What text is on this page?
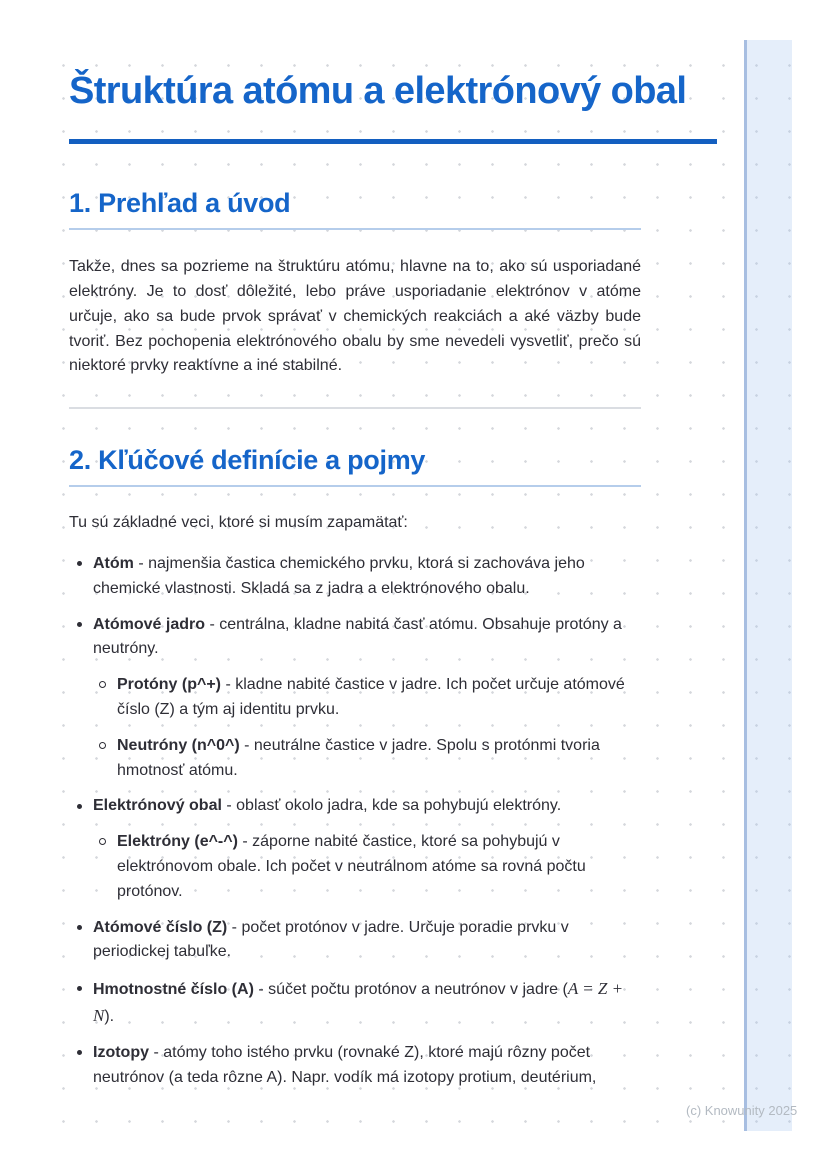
Štruktúra atómu a elektrónový obal
1. Prehľad a úvod

Takže, dnes sa pozrieme na štruktúru atómu, hlavne na to, ako sú usporiadané elektróny. Je to dosť dôležité, lebo práve usporiadanie elektrónov v atóme určuje, ako sa bude prvok správať v chemických reakciách a aké väzby bude tvoriť. Bez pochopenia elektrónového obalu by sme nevedeli vysvetliť, prečo sú niektoré prvky reaktívne a iné stabilné.

2. Kľúčové definície a pojmy

Tu sú základné veci, ktoré si musím zapamätať:

Atóm - najmenšia častica chemického prvku, ktorá si zachováva jeho chemické vlastnosti. Skladá sa z jadra a elektrónového obalu.
Atómové jadro - centrálna, kladne nabitá časť atómu. Obsahuje protóny a neutróny.
Protóny (p^+) - kladne nabité častice v jadre. Ich počet určuje atómové číslo (Z) a tým aj identitu prvku.
Neutróny (n^0^) - neutrálne častice v jadre. Spolu s protónmi tvoria hmotnosť atómu.
Elektrónový obal - oblasť okolo jadra, kde sa pohybujú elektróny.
Elektróny (e^-^) - záporne nabité častice, ktoré sa pohybujú v elektrónovom obale. Ich počet v neutrálnom atóme sa rovná počtu protónov.
Atómové číslo (Z) - počet protónov v jadre. Určuje poradie prvku v periodickej tabuľke.
Hmotnostné číslo (A) - súčet počtu protónov a neutrónov v jadre (A = Z + N).
Izotopy - atómy toho istého prvku (rovnaké Z), ktoré majú rôzny počet neutrónov (a teda rôzne A). Napr. vodík má izotopy protium, deutérium,
(c) Knowunity 2025
